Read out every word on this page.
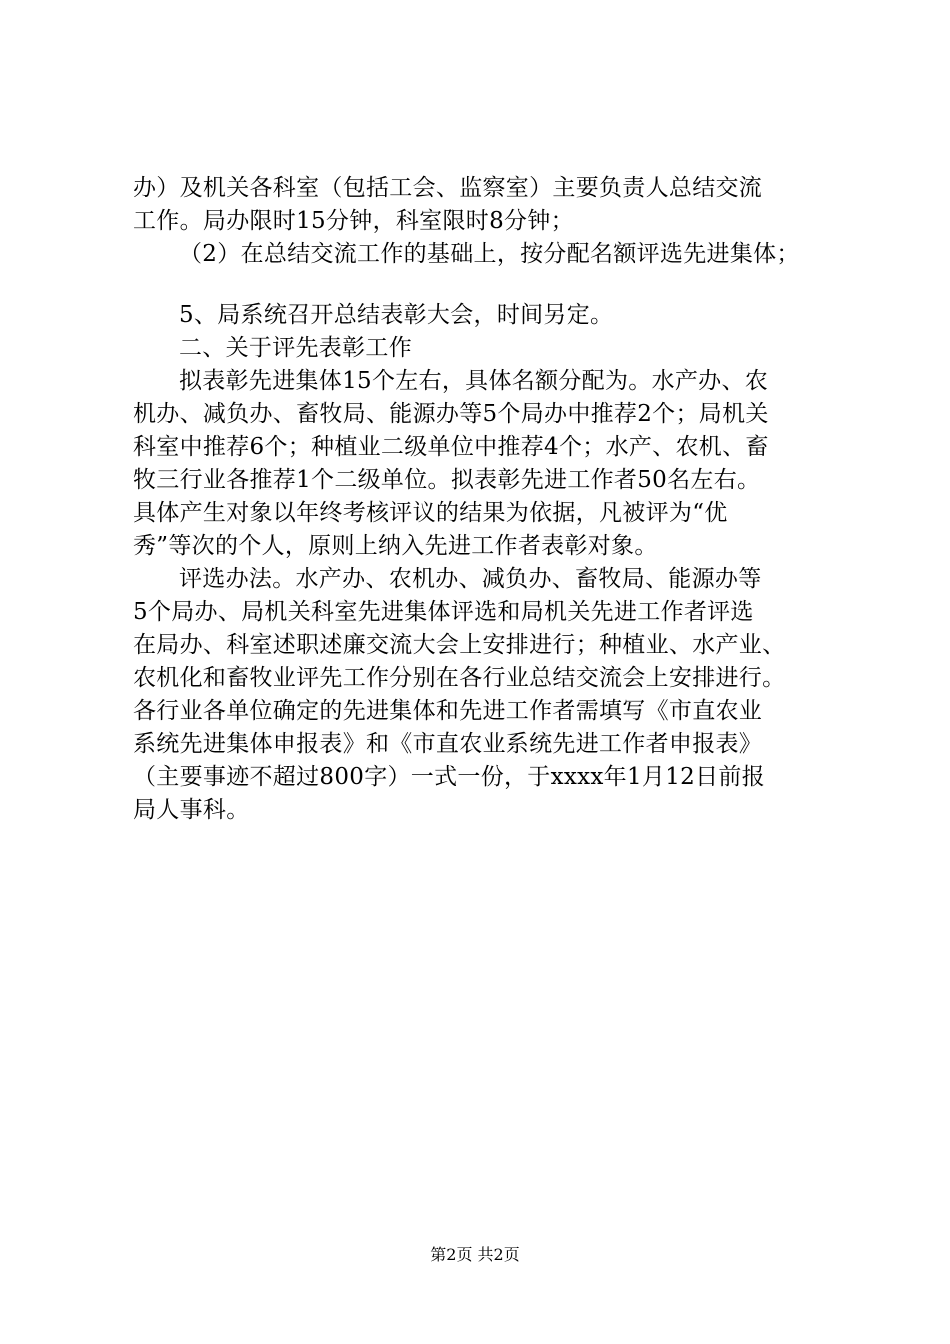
办）及机关各科室（包括工会、监察室）主要负责人总结交流
工作。局办限时15分钟，科室限时8分钟；
（2）在总结交流工作的基础上，按分配名额评选先进集体；
5、局系统召开总结表彰大会，时间另定。
二、关于评先表彰工作
拟表彰先进集体15个左右，具体名额分配为。水产办、农
机办、减负办、畜牧局、能源办等5个局办中推荐2个；局机关
科室中推荐6个；种植业二级单位中推荐4个；水产、农机、畜
牧三行业各推荐1个二级单位。拟表彰先进工作者50名左右。
具体产生对象以年终考核评议的结果为依据，凡被评为“优
秀”等次的个人，原则上纳入先进工作者表彰对象。
评选办法。水产办、农机办、减负办、畜牧局、能源办等
5个局办、局机关科室先进集体评选和局机关先进工作者评选
在局办、科室述职述廉交流大会上安排进行；种植业、水产业、
农机化和畜牧业评先工作分别在各行业总结交流会上安排进行。
各行业各单位确定的先进集体和先进工作者需填写《市直农业
系统先进集体申报表》和《市直农业系统先进工作者申报表》
（主要事迹不超过800字）一式一份，于xxxx年1月12日前报
局人事科。
第2页 共2页
